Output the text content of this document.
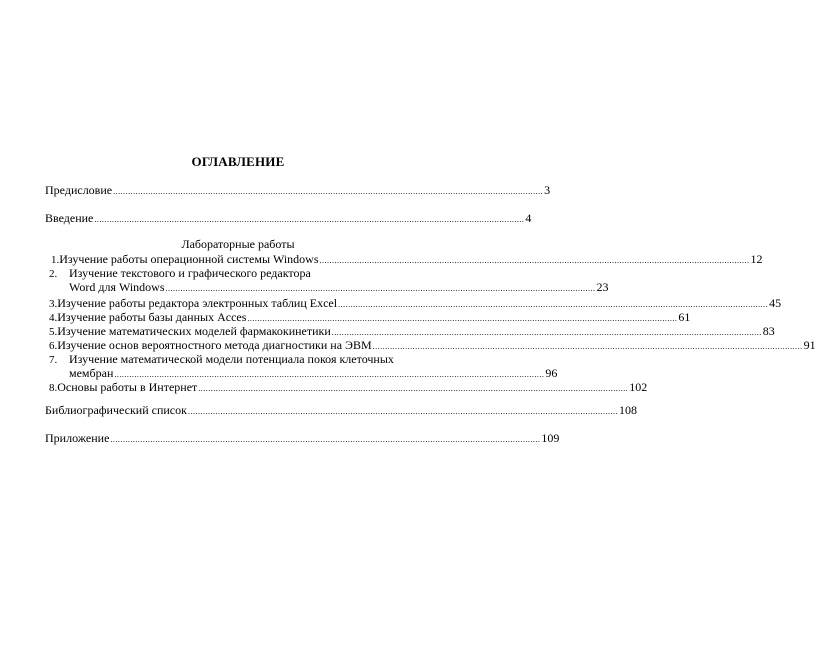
ОГЛАВЛЕНИЕ
Предисловие ............................................................................................................................................................................ 3
Введение ............................................................................................................................................................................ 4
Лабораторные работы
1. Изучение работы операционной системы Windows ............................................................................................................................................................................ 12
2. Изучение текстового и графического редактора
Word для Windows ............................................................................................................................................................................ 23
3. Изучение работы редактора электронных таблиц Excel ............................................................................................................................................................................ 45
4. Изучение работы базы данных Acces ............................................................................................................................................................................ 61
5. Изучение математических моделей фармакокинетики ............................................................................................................................................................................ 83
6. Изучение основ вероятностного метода диагностики на ЭВМ ............................................................................................................................................................................ 91
7. Изучение математической модели потенциала покоя клеточных
мембран ............................................................................................................................................................................ 96
8. Основы работы в Интернет ............................................................................................................................................................................ 102
Библиографический список ............................................................................................................................................................................ 108
Приложение ............................................................................................................................................................................ 109
